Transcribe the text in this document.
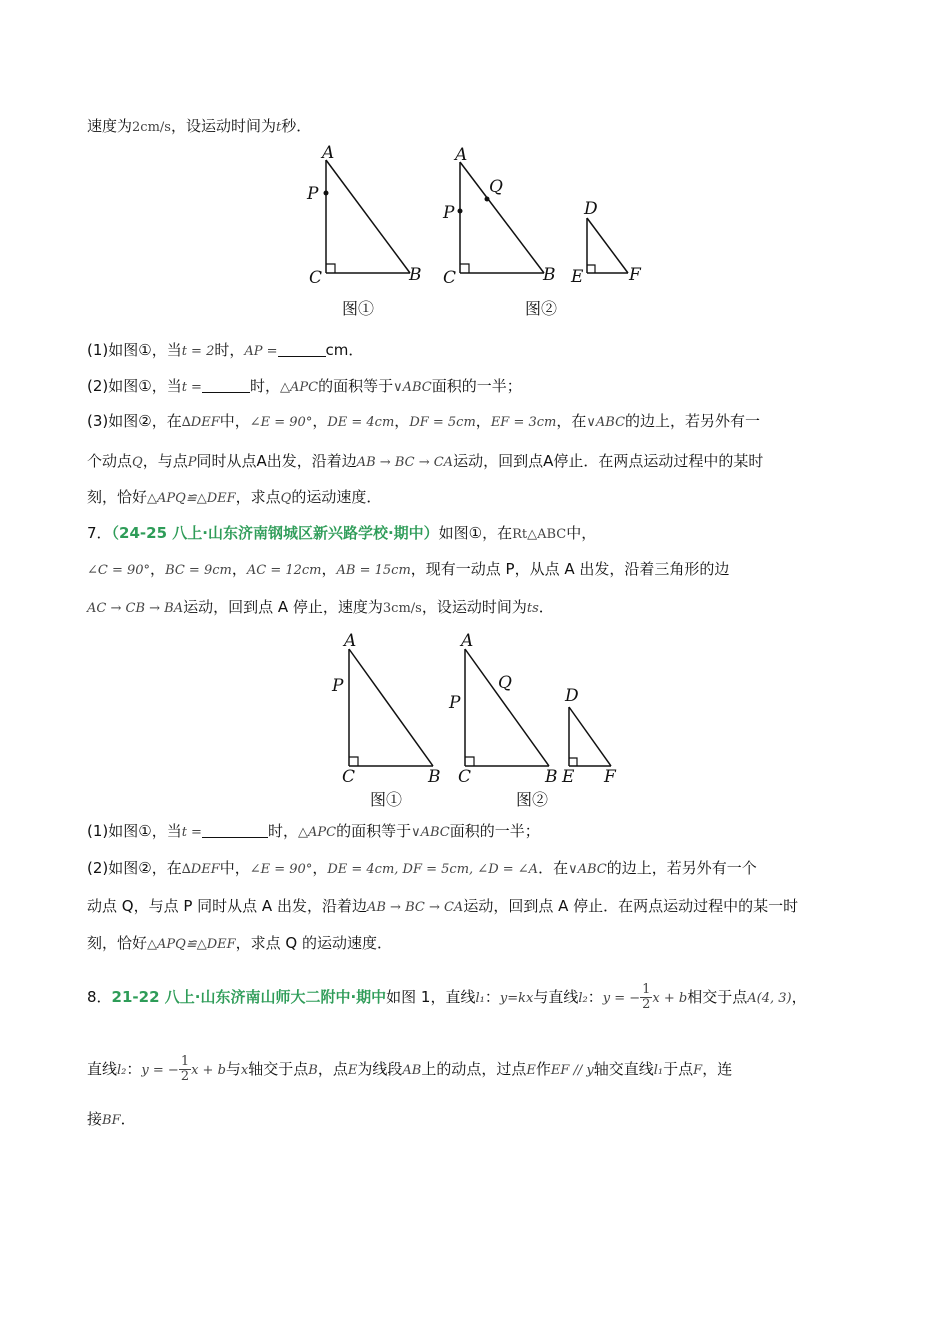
速度为2cm/s，设运动时间为t秒．
A
P
C	B
图①
A
P
Q
C	B
D
E	F
图②
(1)如图①，当t = 2时，AP =	cm．
(2)如图①，当t =	时，△APC的面积等于∨ABC面积的一半；
(3)如图②，在∆DEF中，∠E = 90°，DE = 4cm，DF = 5cm，EF = 3cm，在∨ABC的边上，若另外有一
个动点Q，与点P同时从点A出发，沿着边AB → BC → CA运动，回到点A停止．在两点运动过程中的某时
刻，恰好△APQ≌△DEF，求点Q的运动速度．
7．（24-25 八上·山东济南钢城区新兴路学校·期中）如图①，在Rt△ABC中，
∠C = 90°，BC = 9cm，AC = 12cm，AB = 15cm，现有一动点 P，从点 A 出发，沿着三角形的边
AC → CB → BA运动，回到点 A 停止，速度为3cm/s，设运动时间为ts．
A
P
C	B
图①
A
P
Q
C	B
D
E F
图②
(1)如图①，当t =	时，△APC的面积等于∨ABC面积的一半；
(2)如图②，在∆DEF中，∠E = 90°，DE = 4cm, DF = 5cm, ∠D = ∠A．在∨ABC的边上，若另外有一个
动点 Q，与点 P 同时从点 A 出发，沿着边AB → BC → CA运动，回到点 A 停止．在两点运动过程中的某一时
刻，恰好△APQ≌△DEF，求点 Q 的运动速度．
8．21-22 八上·山东济南山师大二附中·期中如图 1，直线l₁：y=kx与直线l₂：y = − $\frac{1}{2}$ x + b相交于点A(4, 3)，
直线l₂：y = − $\frac{1}{2}$ x + b与x轴交于点B，点E为线段AB上的动点，过点E作EF // y轴交直线l₁于点F，连
接BF．
